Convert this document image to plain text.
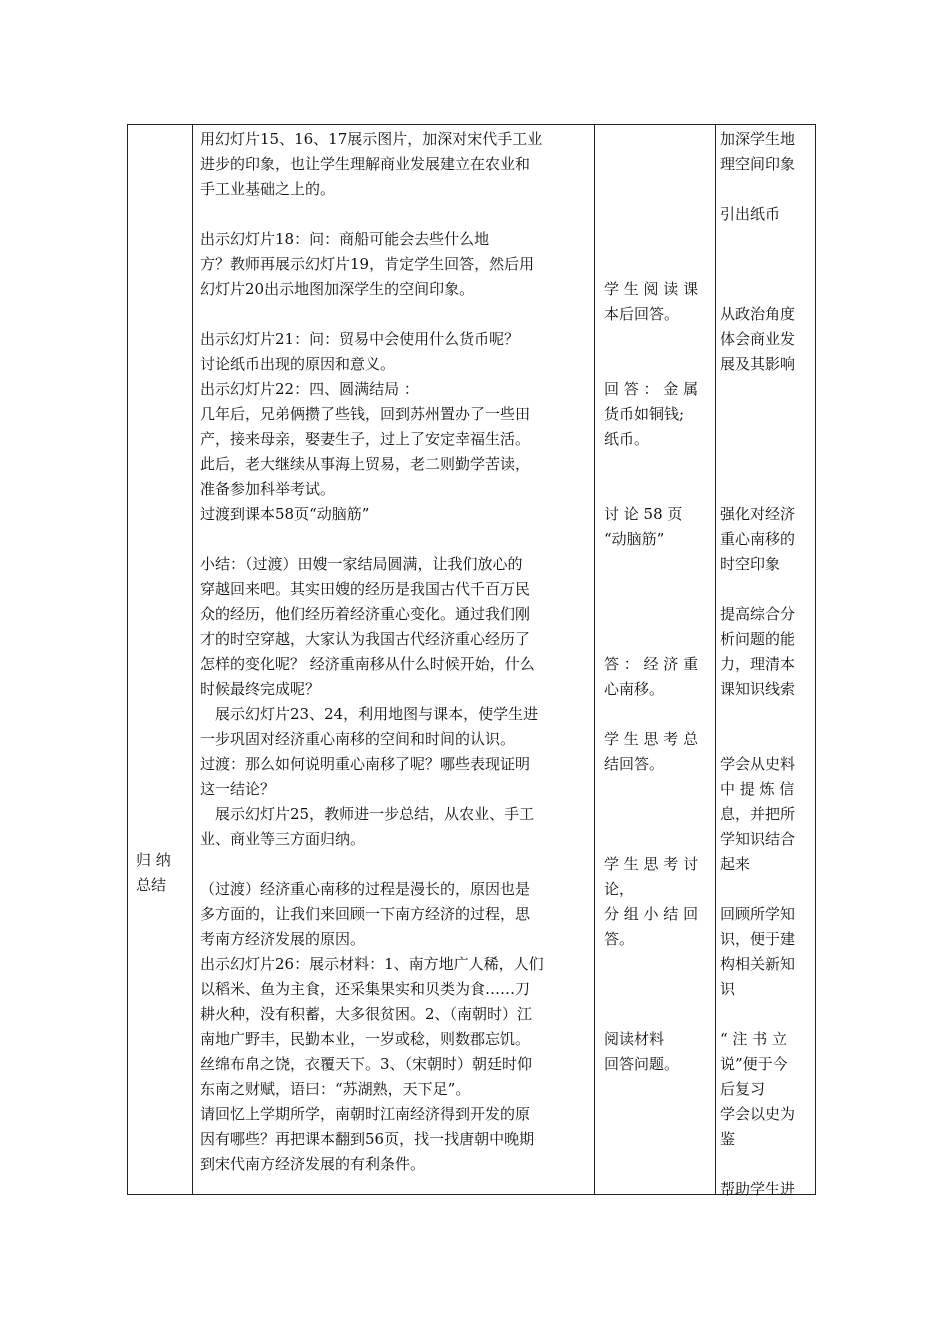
归 纳
总结
用幻灯片15、16、17展示图片，加深对宋代手工业
进步的印象，也让学生理解商业发展建立在农业和
手工业基础之上的。
出示幻灯片18：问：商船可能会去些什么地
方？教师再展示幻灯片19，肯定学生回答，然后用
幻灯片20出示地图加深学生的空间印象。
出示幻灯片21：问：贸易中会使用什么货币呢？
讨论纸币出现的原因和意义。
出示幻灯片22：四、圆满结局 ：
几年后，兄弟俩攒了些钱，回到苏州置办了一些田
产，接来母亲，娶妻生子，过上了安定幸福生活。
此后，老大继续从事海上贸易，老二则勤学苦读，
准备参加科举考试。
过渡到课本58页“动脑筋”
小结：（过渡）田嫂一家结局圆满，让我们放心的
穿越回来吧。其实田嫂的经历是我国古代千百万民
众的经历，他们经历着经济重心变化。通过我们刚
才的时空穿越，大家认为我国古代经济重心经历了
怎样的变化呢？ 经济重南移从什么时候开始，什么
时候最终完成呢？
　展示幻灯片23、24，利用地图与课本，使学生进
一步巩固对经济重心南移的空间和时间的认识。
过渡：那么如何说明重心南移了呢？哪些表现证明
这一结论？
　展示幻灯片25，教师进一步总结，从农业、手工
业、商业等三方面归纳。
（过渡）经济重心南移的过程是漫长的，原因也是
多方面的，让我们来回顾一下南方经济的过程，思
考南方经济发展的原因。
出示幻灯片26：展示材料：1、南方地广人稀，人们
以稻米、鱼为主食，还采集果实和贝类为食……刀
耕火种，没有积蓄，大多很贫困。2、（南朝时）江
南地广野丰，民勤本业，一岁或稔，则数郡忘饥。
丝绵布帛之饶，衣覆天下。3、（宋朝时）朝廷时仰
东南之财赋，语曰：“苏湖熟，天下足”。
请回忆上学期所学，南朝时江南经济得到开发的原
因有哪些？再把课本翻到56页，找一找唐朝中晚期
到宋代南方经济发展的有利条件。
学 生 阅 读 课
本后回答。
回 答 ： 金 属
货币如铜钱;
纸币。
讨 论 58 页
“动脑筋”
答 ： 经 济 重
心南移。
学 生 思 考 总
结回答。
学 生 思 考 讨
论，
分 组 小 结 回
答。
阅读材料
回答问题。
加深学生地
理空间印象
引出纸币
从政治角度
体会商业发
展及其影响
强化对经济
重心南移的
时空印象
提高综合分
析问题的能
力，理清本
课知识线索
学会从史料
中 提 炼 信
息，并把所
学知识结合
起来
回顾所学知
识，便于建
构相关新知
识
“ 注 书 立
说”便于今
后复习
学会以史为
鉴
帮助学生进
